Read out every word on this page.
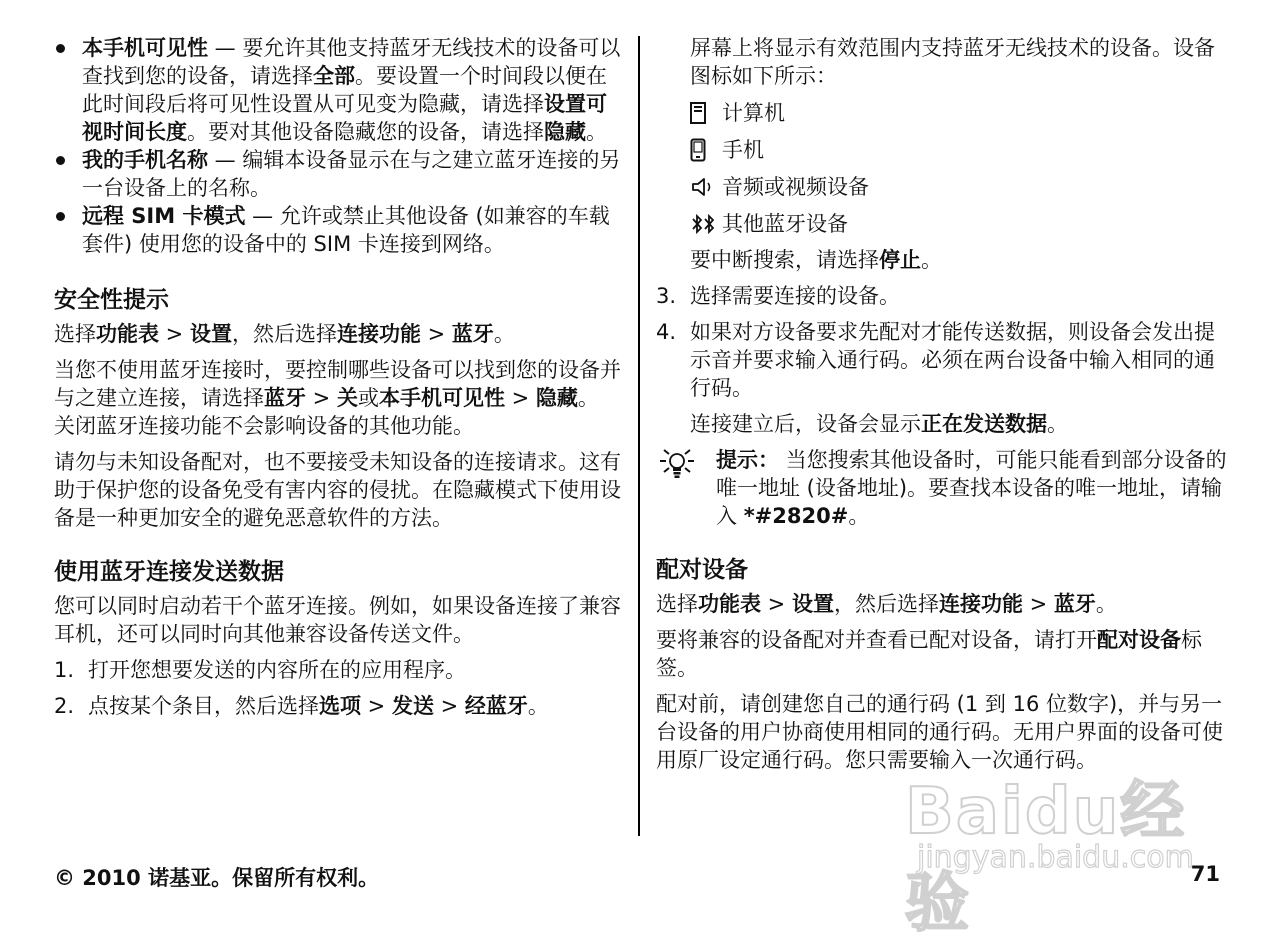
本手机可见性 — 要允许其他支持蓝牙无线技术的设备可以查找到您的设备，请选择全部。要设置一个时间段以便在此时间段后将可见性设置从可见变为隐藏，请选择设置可视时间长度。要对其他设备隐藏您的设备，请选择隐藏。
我的手机名称 — 编辑本设备显示在与之建立蓝牙连接的另一台设备上的名称。
远程 SIM 卡模式 — 允许或禁止其他设备 (如兼容的车载套件) 使用您的设备中的 SIM 卡连接到网络。
安全性提示

选择功能表 > 设置，然后选择连接功能 > 蓝牙。

当您不使用蓝牙连接时，要控制哪些设备可以找到您的设备并与之建立连接，请选择蓝牙 > 关或本手机可见性 > 隐藏。 关闭蓝牙连接功能不会影响设备的其他功能。

请勿与未知设备配对，也不要接受未知设备的连接请求。这有助于保护您的设备免受有害内容的侵扰。在隐藏模式下使用设备是一种更加安全的避免恶意软件的方法。

使用蓝牙连接发送数据

您可以同时启动若干个蓝牙连接。例如，如果设备连接了兼容耳机，还可以同时向其他兼容设备传送文件。

1. 打开您想要发送的内容所在的应用程序。
2. 点按某个条目，然后选择选项 > 发送 > 经蓝牙。

屏幕上将显示有效范围内支持蓝牙无线技术的设备。设备图标如下所示：

计算机
手机
音频或视频设备
其他蓝牙设备

要中断搜索，请选择停止。

3. 选择需要连接的设备。
4. 如果对方设备要求先配对才能传送数据，则设备会发出提示音并要求输入通行码。必须在两台设备中输入相同的通行码。

连接建立后，设备会显示正在发送数据。

提示： 当您搜索其他设备时，可能只能看到部分设备的唯一地址 (设备地址)。要查找本设备的唯一地址，请输入 *#2820#。
配对设备

选择功能表 > 设置，然后选择连接功能 > 蓝牙。

要将兼容的设备配对并查看已配对设备，请打开配对设备标签。

配对前，请创建您自己的通行码 (1 到 16 位数字)，并与另一台设备的用户协商使用相同的通行码。无用户界面的设备可使用原厂设定通行码。您只需要输入一次通行码。

Baidu经验
jingyan.baidu.com
© 2010 诺基亚。保留所有权利。	71
